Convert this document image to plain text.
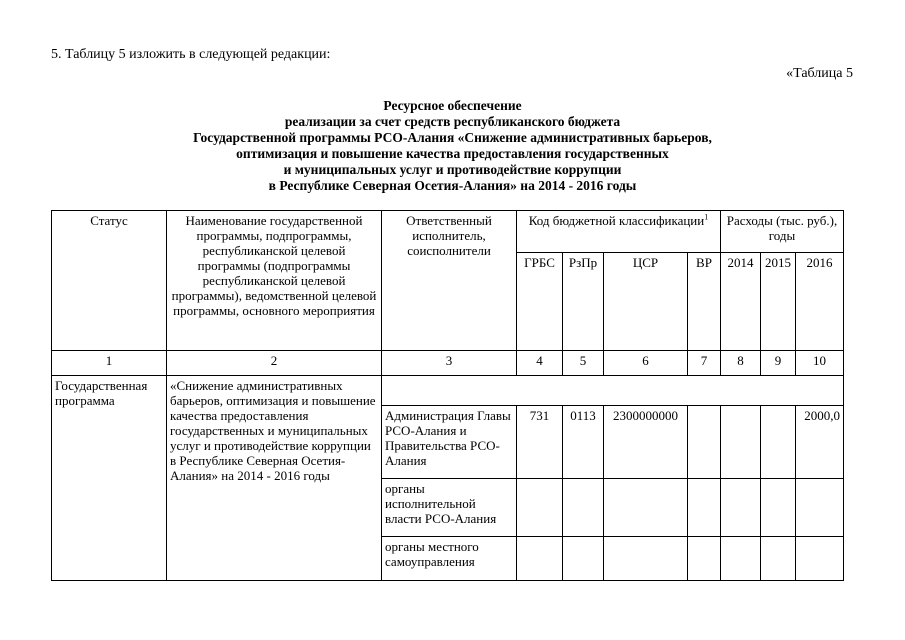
5. Таблицу 5 изложить в следующей редакции:
«Таблица 5
Ресурсное обеспечение
реализации за счет средств республиканского бюджета
Государственной программы РСО-Алания «Снижение административных барьеров,
оптимизация и повышение качества предоставления государственных
и муниципальных услуг и противодействие коррупции
в Республике Северная Осетия-Алания» на 2014 - 2016 годы
Статус	Наименование государственной программы, подпрограммы, республиканской целевой программы (подпрограммы республиканской целевой программы), ведомственной целевой программы, основного мероприятия	Ответственный исполнитель, соисполнители	Код бюджетной классификации$^1$				Расходы (тыс. руб.), годы		
			ГРБС	РзПр	ЦСР	ВР	2014	2015	2016
1	2	3	4	5	6	7	8	9	10
Государственная программа	«Снижение административных барьеров, оптимизация и повышение качества предоставления государственных и муниципальных услуг и противодействие коррупции в Республике Северная Осетия-Алания» на 2014 - 2016 годы								
		Администрация Главы РСО-Алания и Правительства РСО-Алания	731	0113	2300000000				2000,0
		органы исполнительной власти РСО-Алания							
		органы местного самоуправления							
